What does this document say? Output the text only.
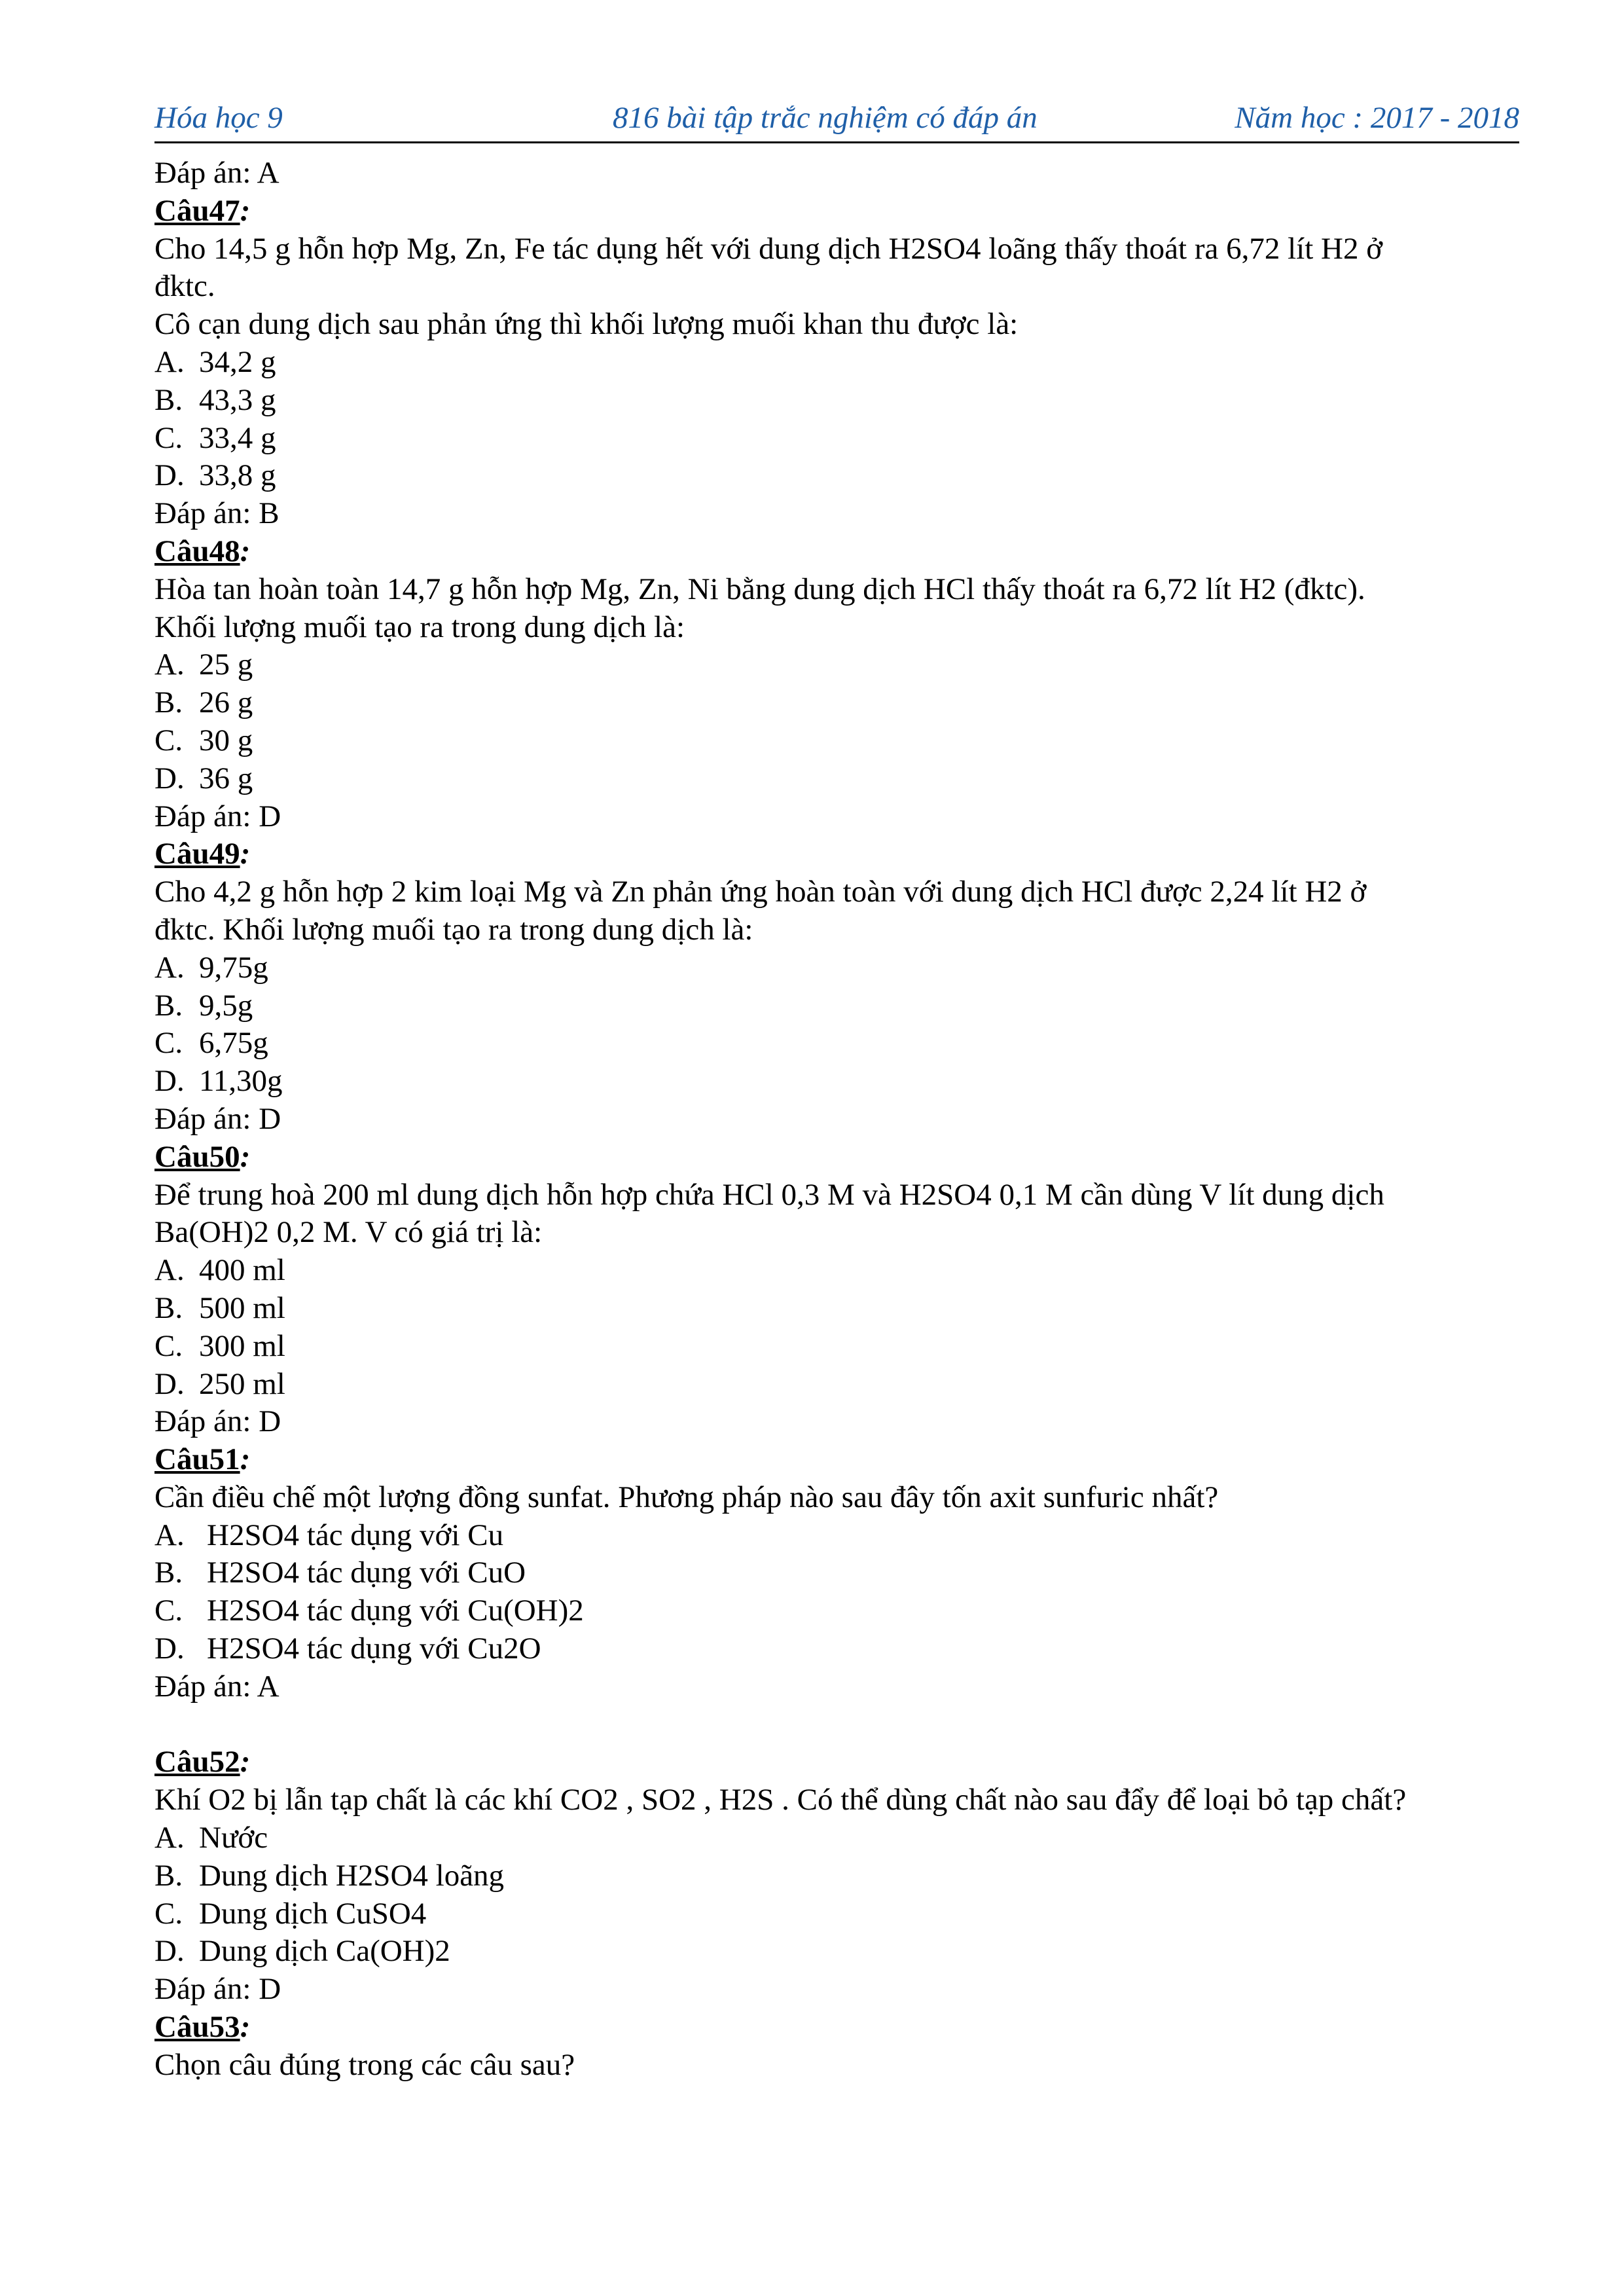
Hóa học 9	816 bài tập trắc nghiệm có đáp án	Năm học : 2017 - 2018
Đáp án: A
Câu47:
Cho 14,5 g hỗn hợp Mg, Zn, Fe tác dụng hết với dung dịch H2SO4 loãng thấy thoát ra 6,72 lít H2 ở
đktc.
Cô cạn dung dịch sau phản ứng thì khối lượng muối khan thu được là:
A. 34,2 g
B. 43,3 g
C. 33,4 g
D. 33,8 g
Đáp án: B
Câu48:
Hòa tan hoàn toàn 14,7 g hỗn hợp Mg, Zn, Ni bằng dung dịch HCl thấy thoát ra 6,72 lít H2 (đktc).
Khối lượng muối tạo ra trong dung dịch là:
A. 25 g
B. 26 g
C. 30 g
D. 36 g
Đáp án: D
Câu49:
Cho 4,2 g hỗn hợp 2 kim loại Mg và Zn phản ứng hoàn toàn với dung dịch HCl được 2,24 lít H2 ở
đktc. Khối lượng muối tạo ra trong dung dịch là:
A. 9,75g
B. 9,5g
C. 6,75g
D. 11,30g
Đáp án: D
Câu50:
Để trung hoà 200 ml dung dịch hỗn hợp chứa HCl 0,3 M và H2SO4 0,1 M cần dùng V lít dung dịch
Ba(OH)2 0,2 M. V có giá trị là:
A. 400 ml
B. 500 ml
C. 300 ml
D. 250 ml
Đáp án: D
Câu51:
Cần điều chế một lượng đồng sunfat. Phương pháp nào sau đây tốn axit sunfuric nhất?
A. H2SO4 tác dụng với Cu
B. H2SO4 tác dụng với CuO
C. H2SO4 tác dụng với Cu(OH)2
D. H2SO4 tác dụng với Cu2O
Đáp án: A
Câu52:
Khí O2 bị lẫn tạp chất là các khí CO2 , SO2 , H2S . Có thể dùng chất nào sau đẩy để loại bỏ tạp chất?
A. Nước
B. Dung dịch H2SO4 loãng
C. Dung dịch CuSO4
D. Dung dịch Ca(OH)2
Đáp án: D
Câu53:
Chọn câu đúng trong các câu sau?
